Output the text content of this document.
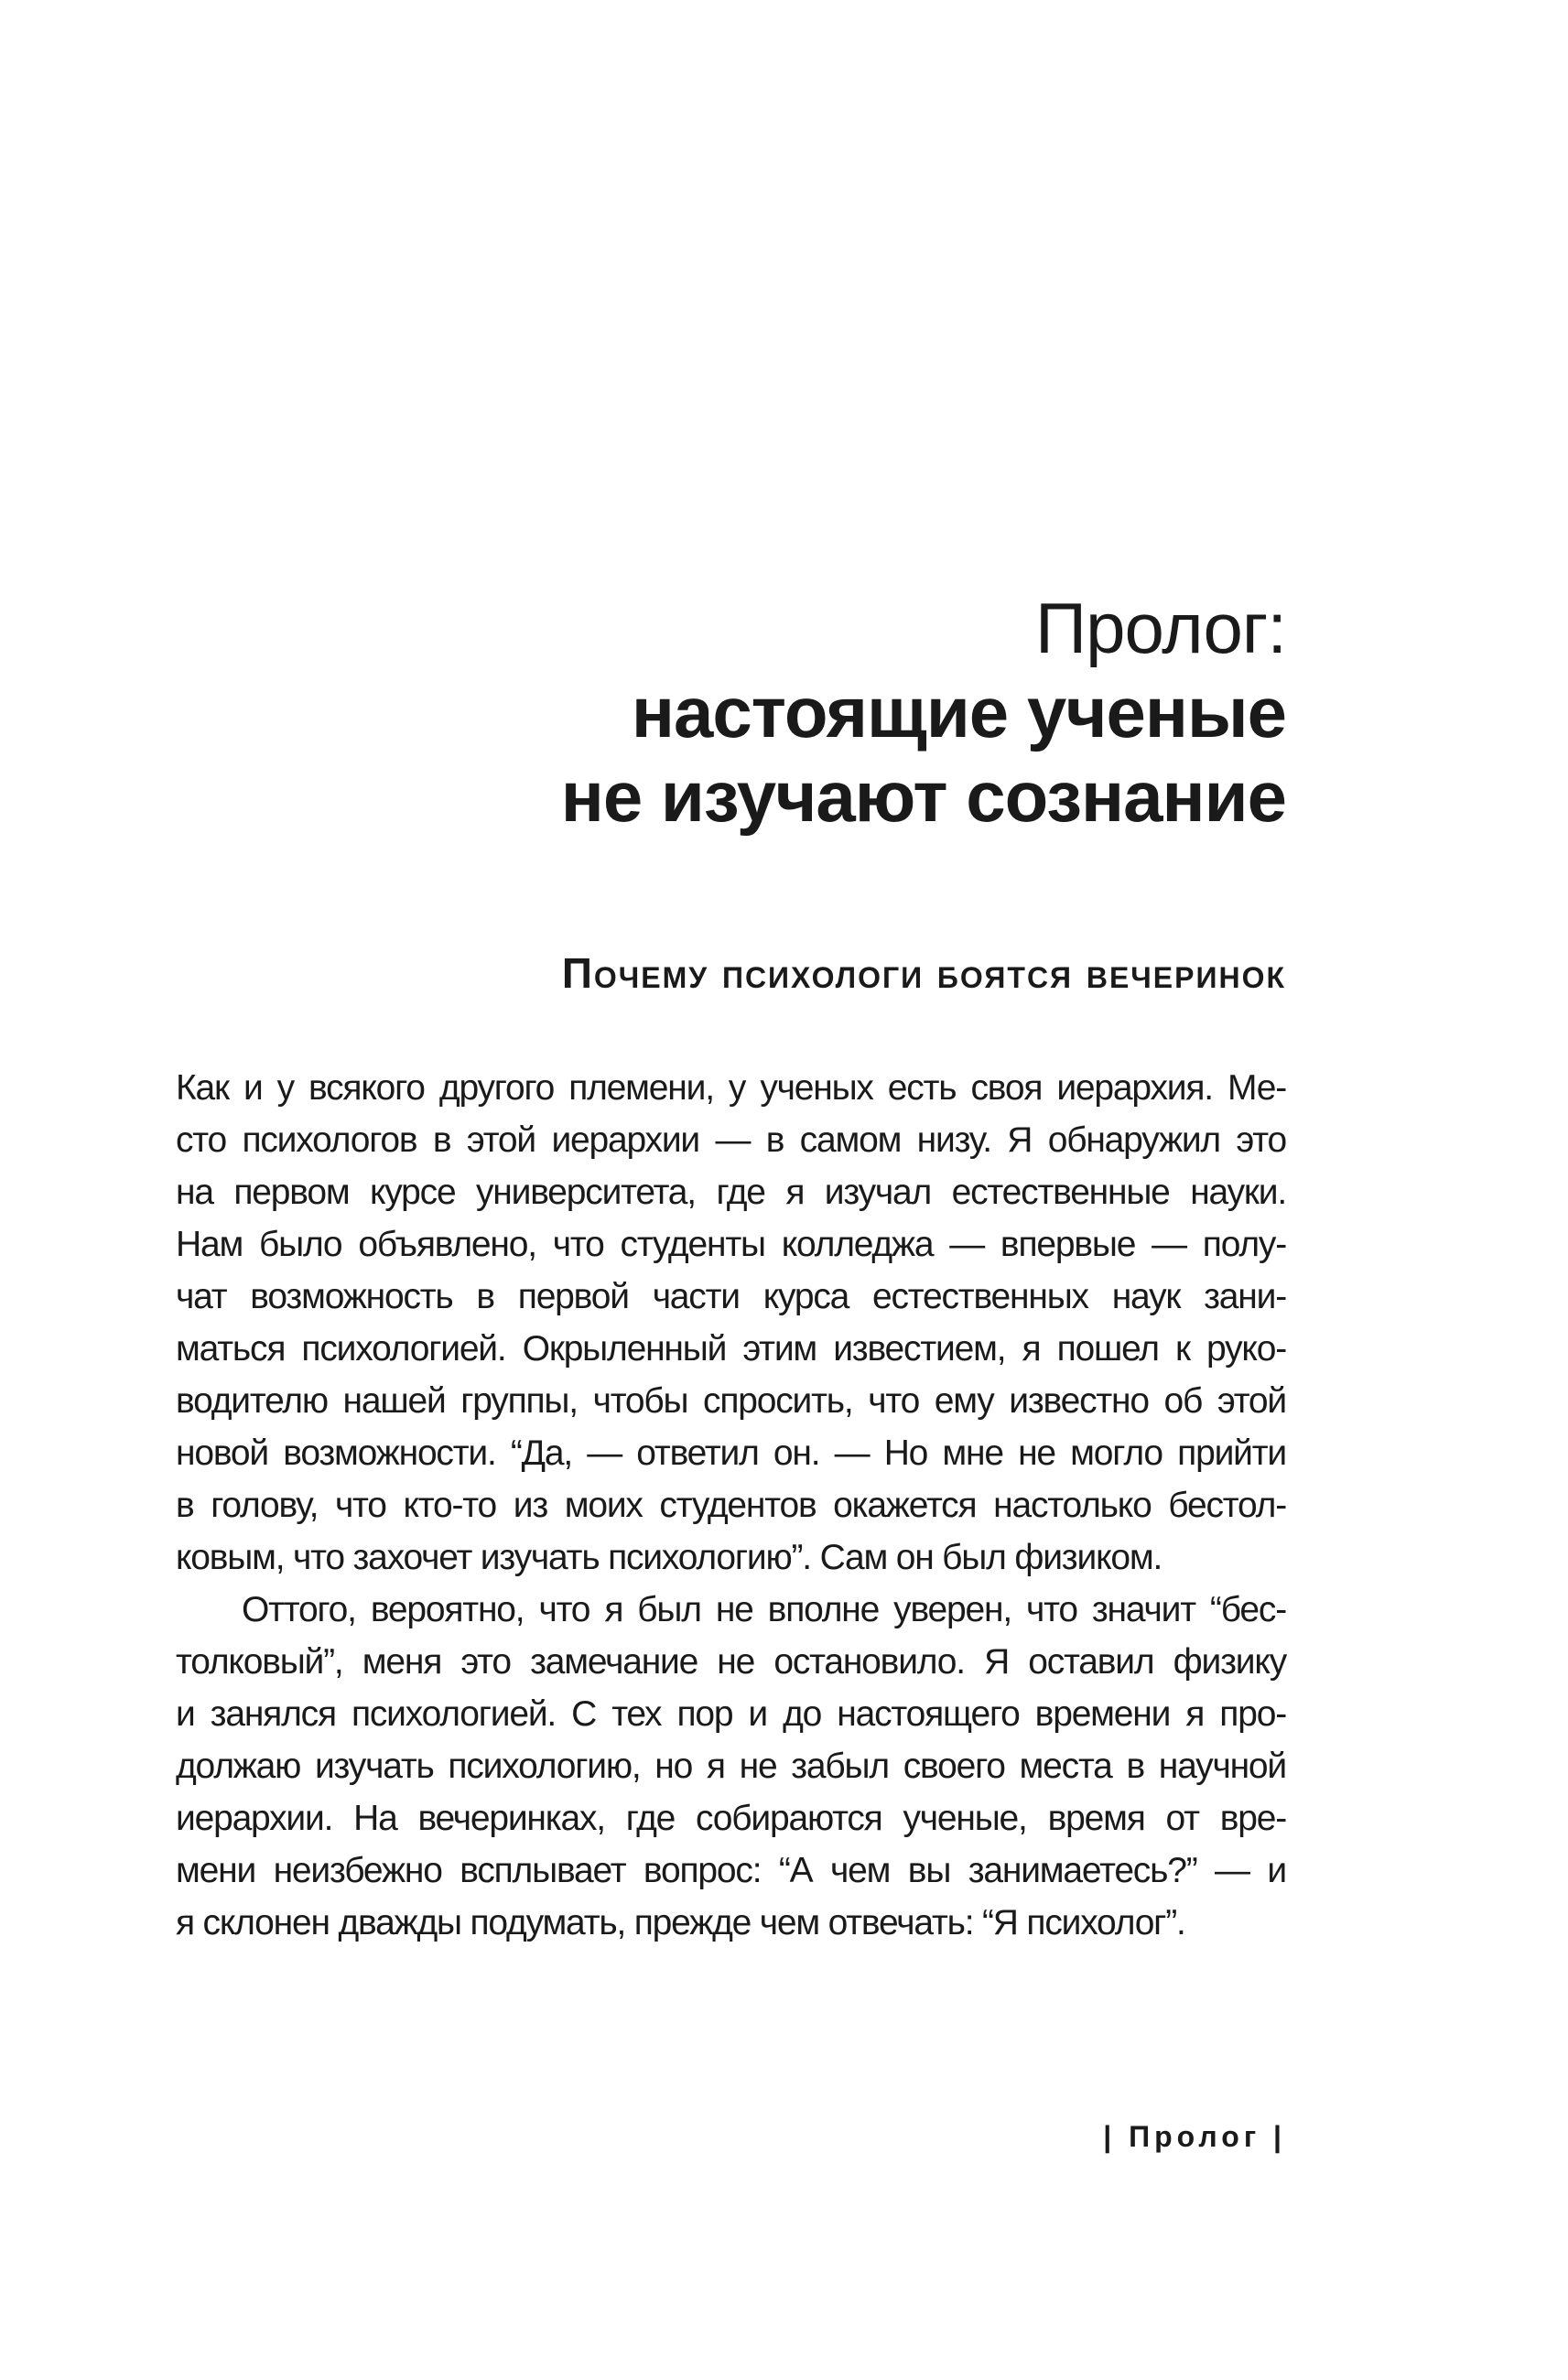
Пролог:
настоящие ученые
не изучают сознание
Почему психологи боятся вечеринок
Как и у всякого другого племени, у ученых есть своя иерархия. Ме-
сто психологов в этой иерархии — в самом низу. Я обнаружил это
на первом курсе университета, где я изучал естественные науки.
Нам было объявлено, что студенты колледжа — впервые — полу-
чат возможность в первой части курса естественных наук зани-
маться психологией. Окрыленный этим известием, я пошел к руко-
водителю нашей группы, чтобы спросить, что ему известно об этой
новой возможности. “Да, — ответил он. — Но мне не могло прийти
в голову, что кто-то из моих студентов окажется настолько бестол-
ковым, что захочет изучать психологию”. Сам он был физиком.
Оттого, вероятно, что я был не вполне уверен, что значит “бес-
толковый”, меня это замечание не остановило. Я оставил физику
и занялся психологией. С тех пор и до настоящего времени я про-
должаю изучать психологию, но я не забыл своего места в научной
иерархии. На вечеринках, где собираются ученые, время от вре-
мени неизбежно всплывает вопрос: “А чем вы занимаетесь?” — и
я склонен дважды подумать, прежде чем отвечать: “Я психолог”.
| Пролог |
